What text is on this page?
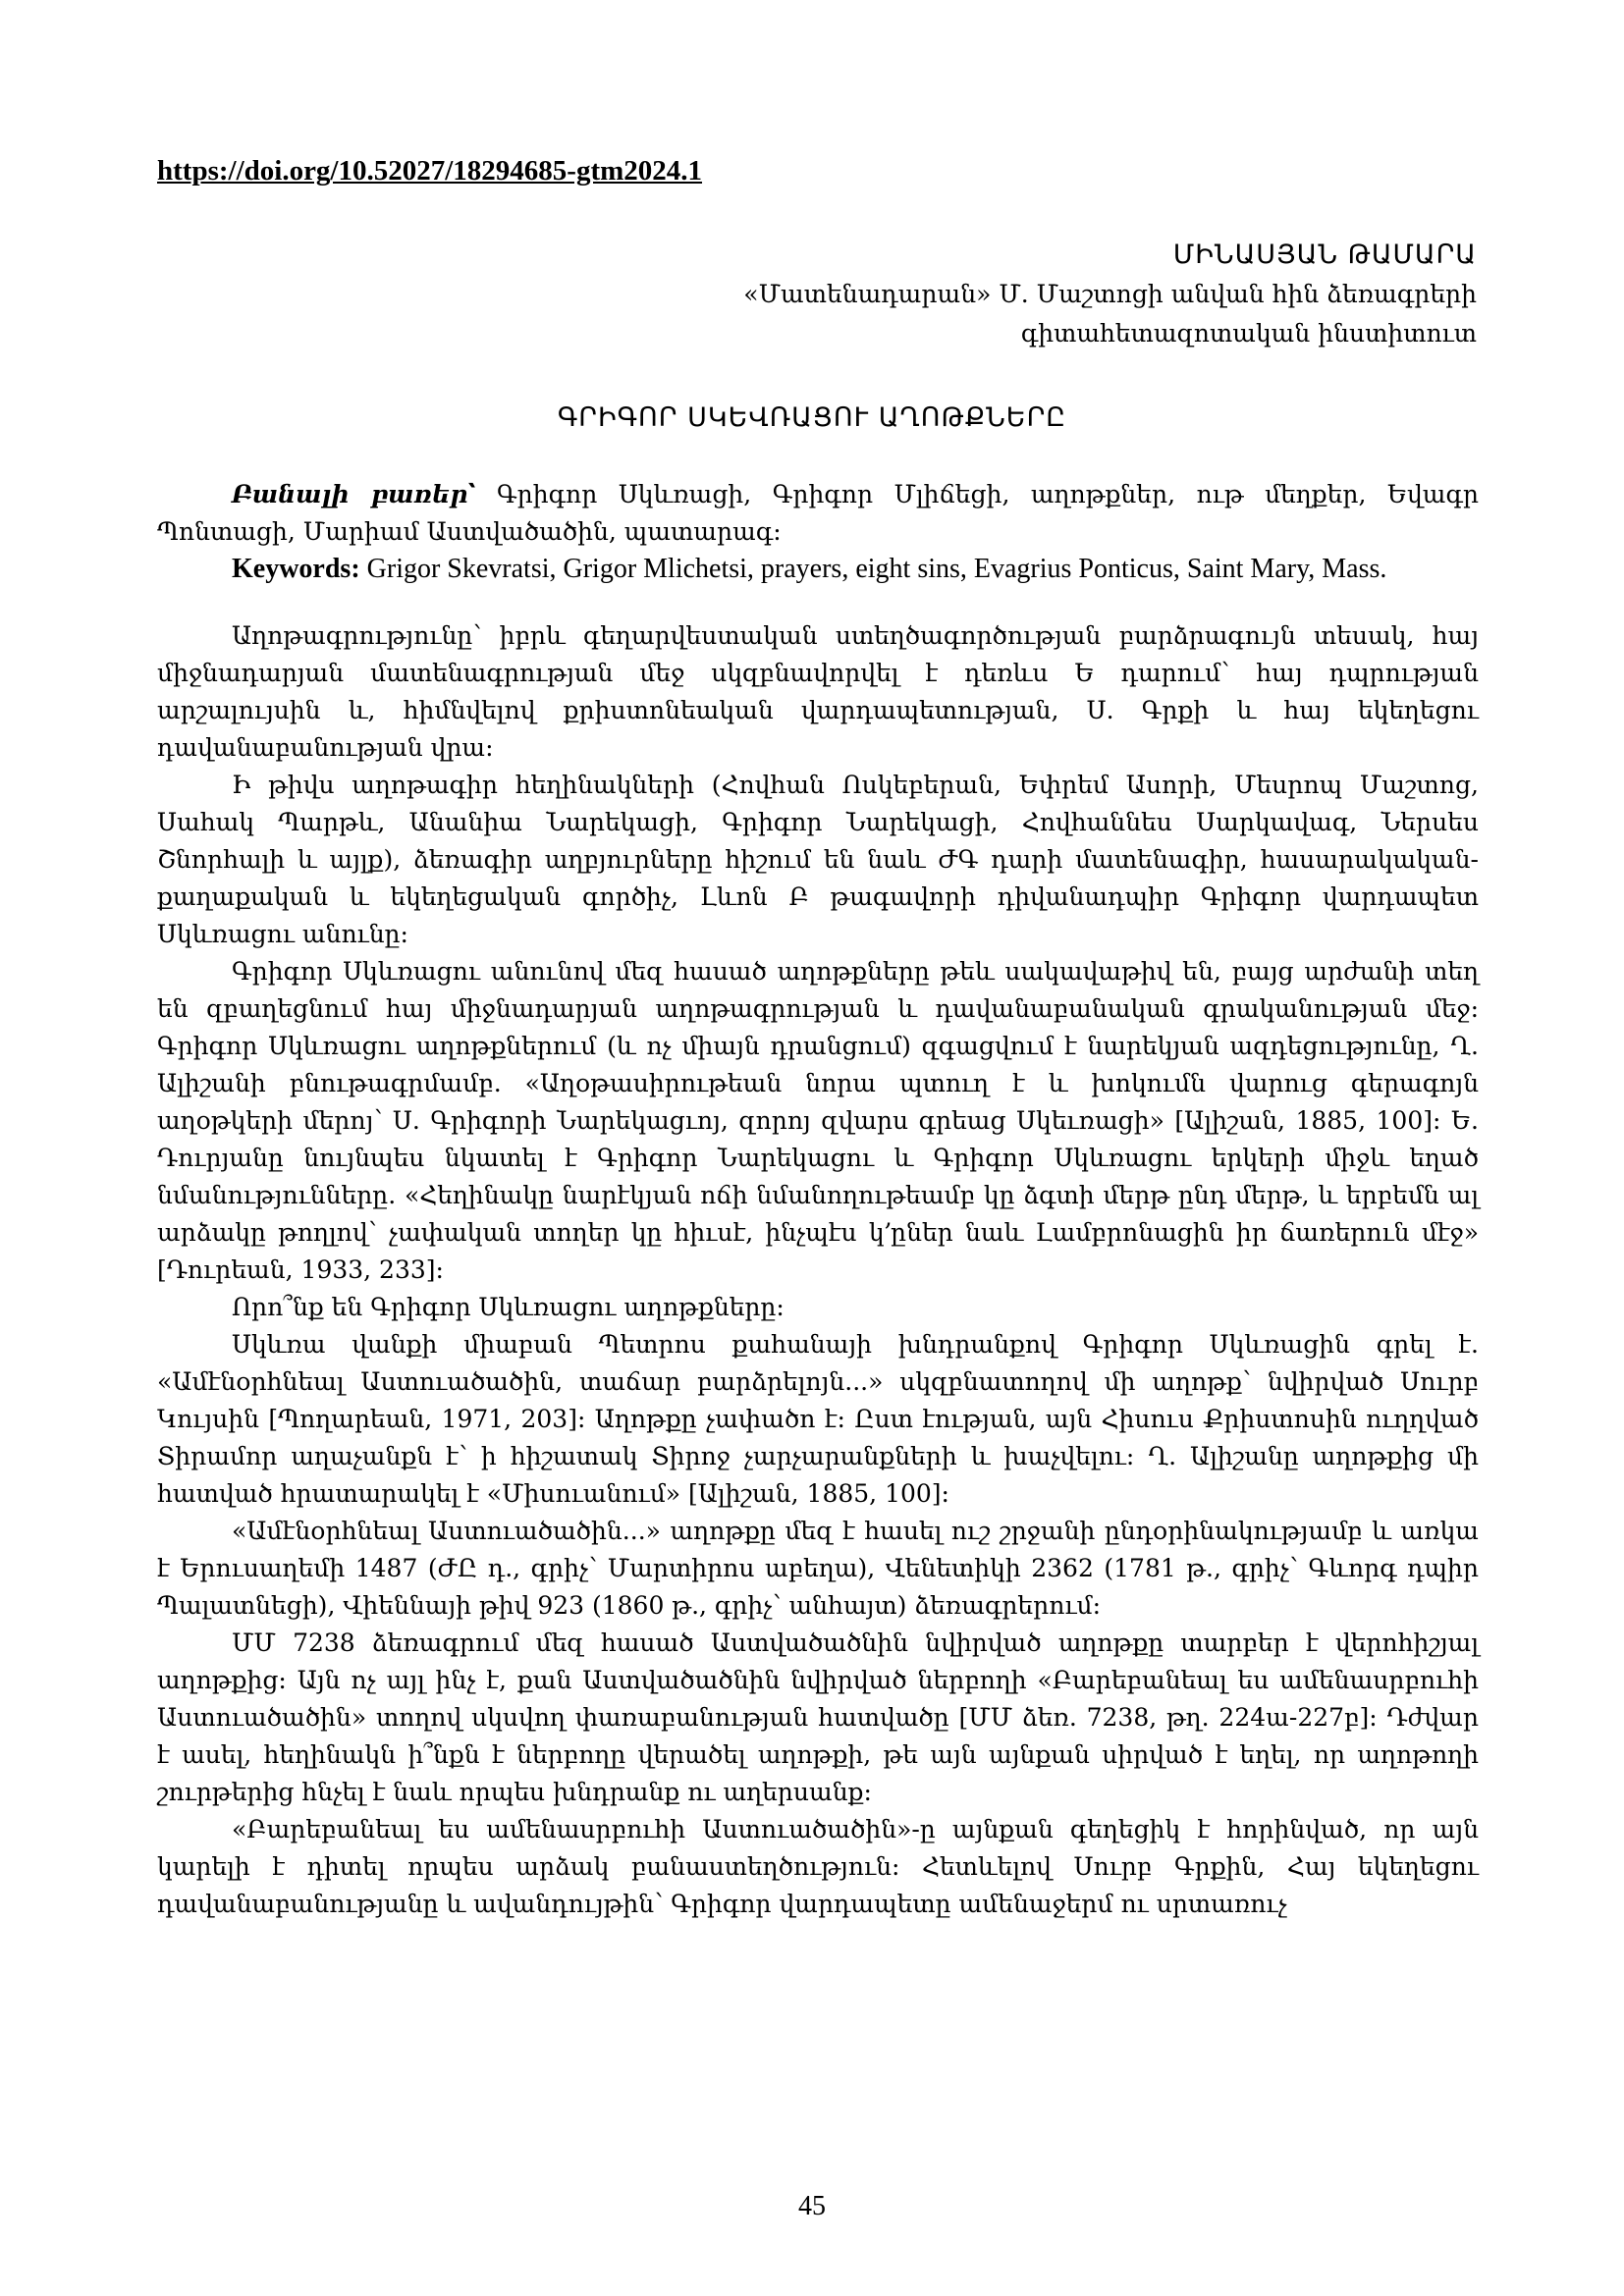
https://doi.org/10.52027/18294685-gtm2024.1
ՄԻՆԱՍՅԱՆ ԹԱՄԱՐԱ
«Մատենադարան» Մ. Մաշտոցի անվան հին ձեռագրերի
գիտահետազոտական ինստիտուտ
ԳՐԻԳՈՐ ՍԿԵՎՌԱՑՈՒ ԱՂՈԹՔՆԵՐԸ

Բանալի բառեր՝ Գրիգոր Սկևռացի, Գրիգոր Մլիճեցի, աղոթքներ, ութ մեղքեր, Եվագր Պոնտացի, Մարիամ Աստվածածին, պատարագ:

Keywords: Grigor Skevratsi, Grigor Mlichetsi, prayers, eight sins, Evagrius Ponticus, Saint Mary, Mass.

Աղոթագրությունը՝ իբրև գեղարվեստական ստեղծագործության բարձրագույն տեսակ, հայ միջնադարյան մատենագրության մեջ սկզբնավորվել է դեռևս Ե դարում՝ հայ դպրության արշալույսին և, հիմնվելով քրիստոնեական վարդապետության, Ս. Գրքի և հայ եկեղեցու դավանաբանության վրա:

Ի թիվս աղոթագիր հեղինակների (Հովհան Ոսկեբերան, Եփրեմ Ասորի, Մեսրոպ Մաշտոց, Սահակ Պարթև, Անանիա Նարեկացի, Գրիգոր Նարեկացի, Հովհաննես Սարկավագ, Ներսես Շնորհալի և այլք), ձեռագիր աղբյուրները հիշում են նաև ԺԳ դարի մատենագիր, հասարակական-քաղաքական և եկեղեցական գործիչ, Լևոն Բ թագավորի դիվանադպիր Գրիգոր վարդապետ Սկևռացու անունը:

Գրիգոր Սկևռացու անունով մեզ հասած աղոթքները թեև սակավաթիվ են, բայց արժանի տեղ են զբաղեցնում հայ միջնադարյան աղոթագրության և դավանաբանական գրականության մեջ: Գրիգոր Սկևռացու աղոթքներում (և ոչ միայն դրանցում) զգացվում է նարեկյան ազդեցությունը, Ղ. Ալիշանի բնութագրմամբ. «Աղօթասիրութեան նորա պտուղ է և խոկումն վարուց գերագոյն աղօթկերի մերոյ՝ Ս. Գրիգորի Նարեկացւոյ, զորոյ զվարս գրեաց Սկեւռացի» [Ալիշան, 1885, 100]: Ե. Դուրյանը նույնպես նկատել է Գրիգոր Նարեկացու և Գրիգոր Սկևռացու երկերի միջև եղած նմանությունները. «Հեղինակը նարէկյան ոճի նմանողութեամբ կը ձգտի մերթ ընդ մերթ, և երբեմն ալ արձակը թողլով՝ չափական տողեր կը հիւսէ, ինչպէս կ՚ըներ նաև Լամբրոնացին իր ճառերուն մէջ» [Դուրեան, 1933, 233]:

Որո՞նք են Գրիգոր Սկևռացու աղոթքները:

Սկևռա վանքի միաբան Պետրոս քահանայի խնդրանքով Գրիգոր Սկևռացին գրել է. «Ամէնօրհնեալ Աստուածածին, տաճար բարձրելոյն...» սկզբնատողով մի աղոթք՝ նվիրված Սուրբ Կույսին [Պողարեան, 1971, 203]: Աղոթքը չափածո է: Ըստ էության, այն Հիսուս Քրիստոսին ուղղված Տիրամոր աղաչանքն է՝ ի հիշատակ Տիրոջ չարչարանքների և խաչվելու: Ղ. Ալիշանը աղոթքից մի հատված հրատարակել է «Միսուանում» [Ալիշան, 1885, 100]:

«Ամէնօրհնեալ Աստուածածին...» աղոթքը մեզ է հասել ուշ շրջանի ընդօրինակությամբ և առկա է Երուսաղեմի 1487 (ԺԸ դ., գրիչ՝ Մարտիրոս աբեղա), Վենետիկի 2362 (1781 թ., գրիչ՝ Գևորգ դպիր Պալատնեցի), Վիեննայի թիվ 923 (1860 թ., գրիչ՝ անհայտ) ձեռագրերում:

ՄՄ 7238 ձեռագրում մեզ հասած Աստվածածնին նվիրված աղոթքը տարբեր է վերոհիշյալ աղոթքից: Այն ոչ այլ ինչ է, քան Աստվածածնին նվիրված ներբողի «Բարեբանեալ ես ամենասրբուհի Աստուածածին» տողով սկսվող փառաբանության հատվածը [ՄՄ ձեռ. 7238, թղ. 224ա-227բ]: Դժվար է ասել, հեղինակն ի՞նքն է ներբողը վերածել աղոթքի, թե այն այնքան սիրված է եղել, որ աղոթողի շուրթերից հնչել է նաև որպես խնդրանք ու աղերսանք:

«Բարեբանեալ ես ամենասրբուհի Աստուածածին»-ը այնքան գեղեցիկ է հորինված, որ այն կարելի է դիտել որպես արձակ բանաստեղծություն: Հետևելով Սուրբ Գրքին, Հայ եկեղեցու դավանաբանությանը և ավանդույթին՝ Գրիգոր վարդապետը ամենաջերմ ու սրտառուչ

45
